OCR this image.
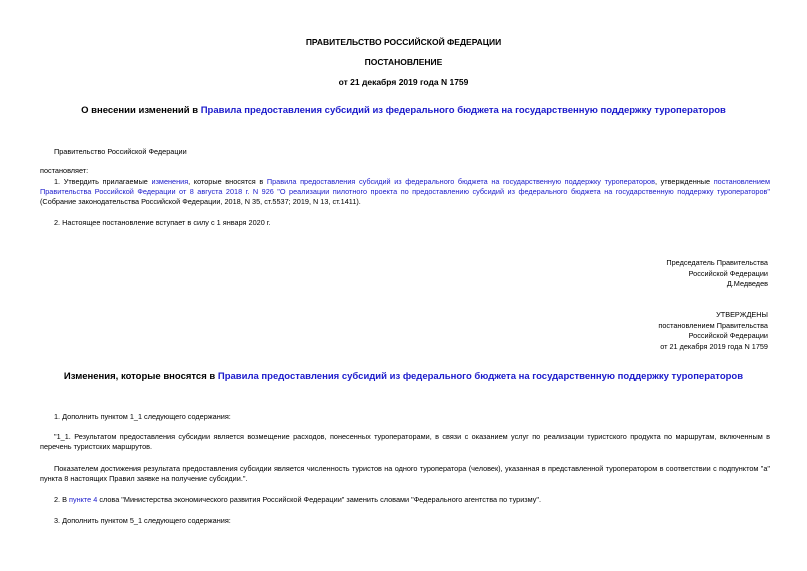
ПРАВИТЕЛЬСТВО РОССИЙСКОЙ ФЕДЕРАЦИИ
ПОСТАНОВЛЕНИЕ
от 21 декабря 2019 года N 1759
О внесении изменений в Правила предоставления субсидий из федерального бюджета на государственную поддержку туроператоров
Правительство Российской Федерации
постановляет:
1. Утвердить прилагаемые изменения, которые вносятся в Правила предоставления субсидий из федерального бюджета на государственную поддержку туроператоров, утвержденные постановлением Правительства Российской Федерации от 8 августа 2018 г. N 926 "О реализации пилотного проекта по предоставлению субсидий из федерального бюджета на государственную поддержку туроператоров" (Собрание законодательства Российской Федерации, 2018, N 35, ст.5537; 2019, N 13, ст.1411).
2. Настоящее постановление вступает в силу с 1 января 2020 г.
Председатель Правительства
Российской Федерации
Д.Медведев
УТВЕРЖДЕНЫ
постановлением Правительства
Российской Федерации
от 21 декабря 2019 года N 1759
Изменения, которые вносятся в Правила предоставления субсидий из федерального бюджета на государственную поддержку туроператоров
1. Дополнить пунктом 1_1 следующего содержания:
"1_1. Результатом предоставления субсидии является возмещение расходов, понесенных туроператорами, в связи с оказанием услуг по реализации туристского продукта по маршрутам, включенным в перечень туристских маршрутов.
Показателем достижения результата предоставления субсидии является численность туристов на одного туроператора (человек), указанная в представленной туроператором в соответствии с подпунктом "а" пункта 8 настоящих Правил заявке на получение субсидии.".
2. В пункте 4 слова "Министерства экономического развития Российской Федерации" заменить словами "Федерального агентства по туризму".
3. Дополнить пунктом 5_1 следующего содержания:
